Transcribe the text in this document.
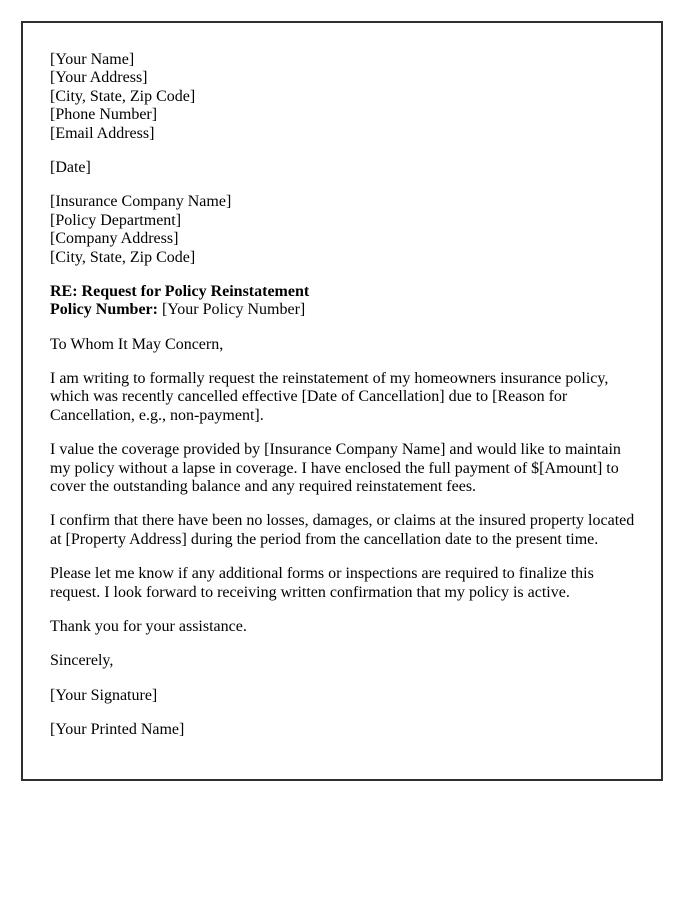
[Your Name]
[Your Address]
[City, State, Zip Code]
[Phone Number]
[Email Address]

[Date]

[Insurance Company Name]
[Policy Department]
[Company Address]
[City, State, Zip Code]

RE: Request for Policy Reinstatement
Policy Number: [Your Policy Number]

To Whom It May Concern,

I am writing to formally request the reinstatement of my homeowners insurance policy, which was recently cancelled effective [Date of Cancellation] due to [Reason for Cancellation, e.g., non-payment].

I value the coverage provided by [Insurance Company Name] and would like to maintain my policy without a lapse in coverage. I have enclosed the full payment of $[Amount] to cover the outstanding balance and any required reinstatement fees.

I confirm that there have been no losses, damages, or claims at the insured property located at [Property Address] during the period from the cancellation date to the present time.

Please let me know if any additional forms or inspections are required to finalize this request. I look forward to receiving written confirmation that my policy is active.

Thank you for your assistance.

Sincerely,

[Your Signature]

[Your Printed Name]
